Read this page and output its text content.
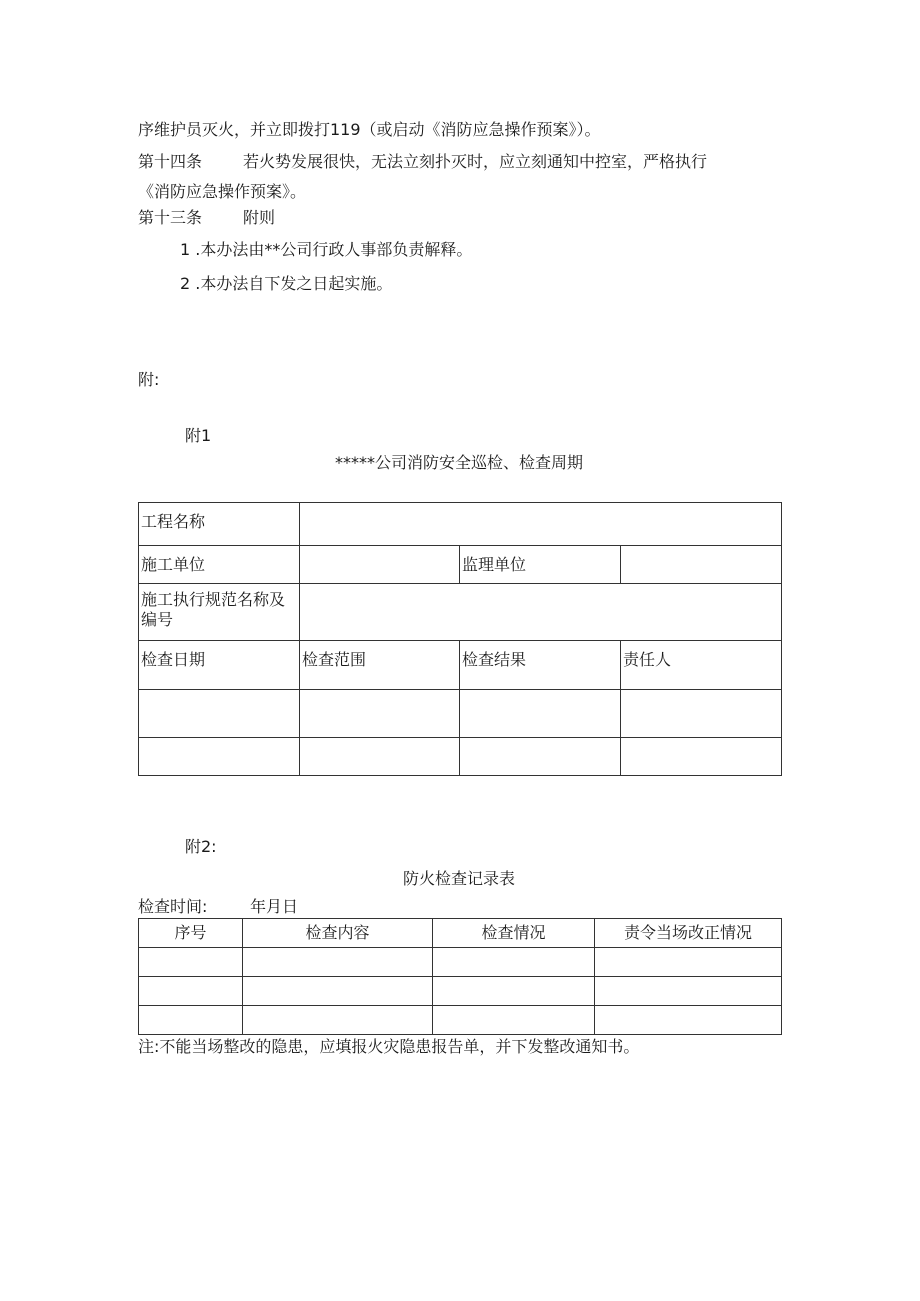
序维护员灭火，并立即拨打119（或启动《消防应急操作预案》）。
第十四条	若火势发展很快，无法立刻扑灭时，应立刻通知中控室，严格执行
《消防应急操作预案》。
第十三条	附则
1 .本办法由**公司行政人事部负责解释。
2 .本办法自下发之日起实施。
附:
附1
*****公司消防安全巡检、检查周期
工程名称			
施工单位		监理单位	
施工执行规范名称及
编号			
检查日期	检查范围	检查结果	责任人

附2:
防火检查记录表
检查时间:	年月日
序号	检查内容	检查情况	责令当场改正情况

注:不能当场整改的隐患，应填报火灾隐患报告单，并下发整改通知书。
